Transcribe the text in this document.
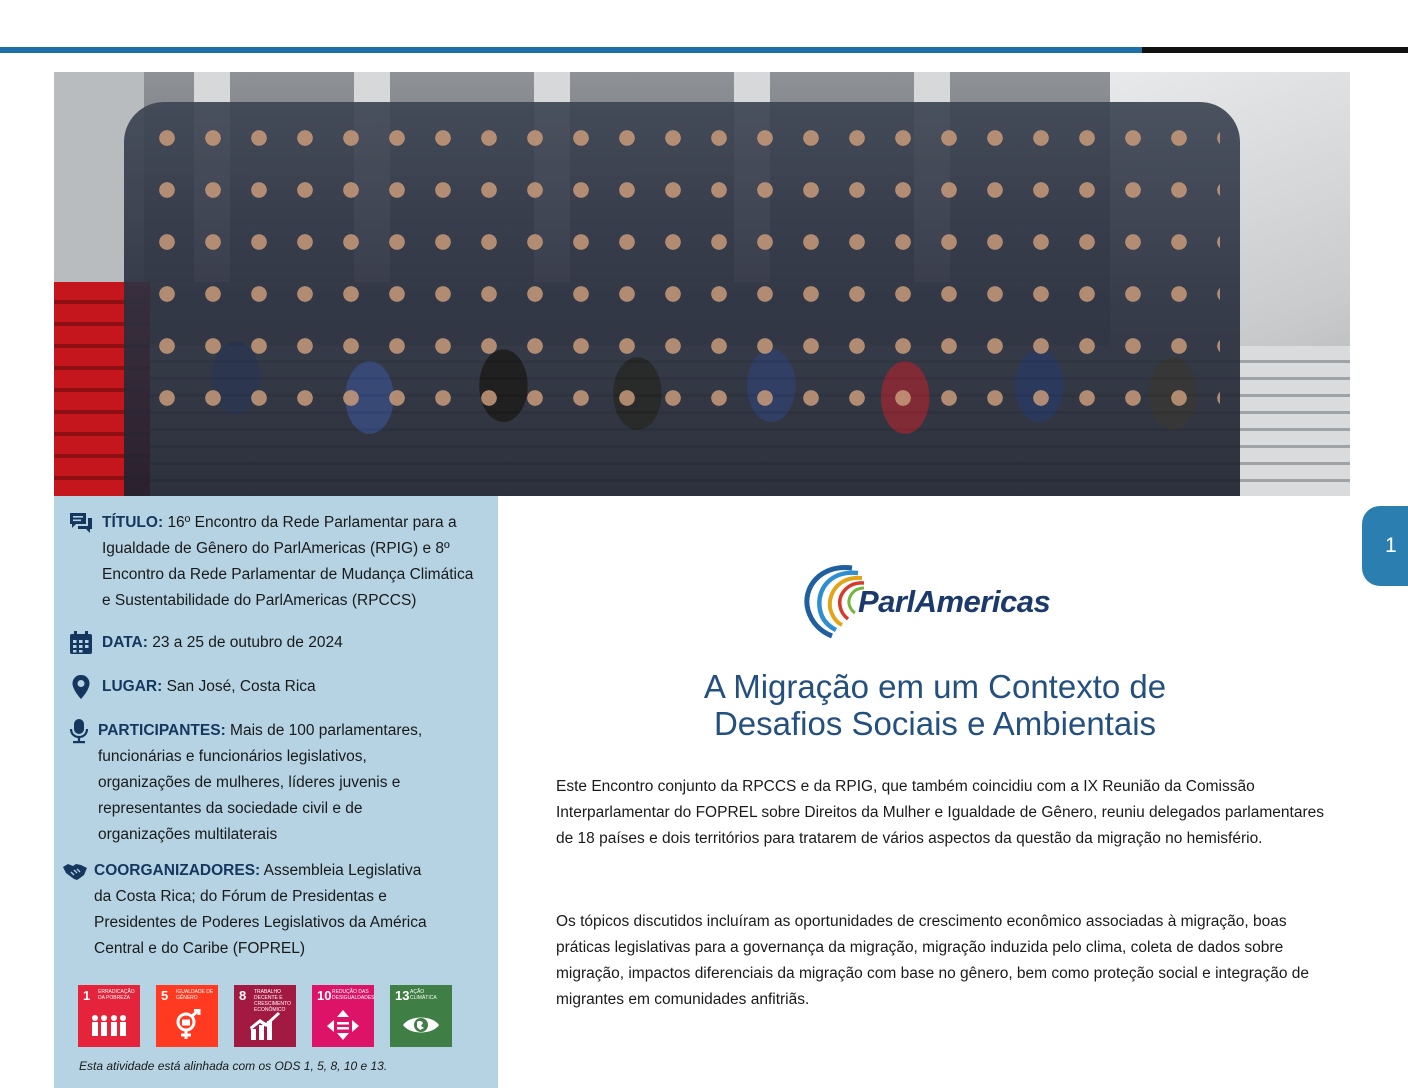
TÍTULO: 16º Encontro da Rede Parlamentar para a
Igualdade de Gênero do ParlAmericas (RPIG) e 8º
Encontro da Rede Parlamentar de Mudança Climática
e Sustentabilidade do ParlAmericas (RPCCS)
DATA: 23 a 25 de outubro de 2024
LUGAR: San José, Costa Rica
PARTICIPANTES: Mais de 100 parlamentares,
funcionárias e funcionários legislativos,
organizações de mulheres, líderes juvenis e
representantes da sociedade civil e de
organizações multilaterais
COORGANIZADORES: Assembleia Legislativa
da Costa Rica; do Fórum de Presidentas e
Presidentes de Poderes Legislativos da América
Central e do Caribe (FOPREL)
1 ERRADICAÇÃO DA POBREZA	5 IGUALDADE DE GÊNERO	8 TRABALHO DECENTE E CRESCIMENTO ECONÔMICO
10 REDUÇÃO DAS DESIGUALDADES 13 AÇÃO CLIMÁTICA
Esta atividade está alinhada com os ODS 1, 5, 8, 10 e 13.
1
ParlAmericas
A Migração em um Contexto de
Desafios Sociais e Ambientais

Este Encontro conjunto da RPCCS e da RPIG, que também coincidiu com a IX Reunião da Comissão Interparlamentar do FOPREL sobre Direitos da Mulher e Igualdade de Gênero, reuniu delegados parlamentares de 18 países e dois territórios para tratarem de vários aspectos da questão da migração no hemisfério.

Os tópicos discutidos incluíram as oportunidades de crescimento econômico associadas à migração, boas práticas legislativas para a governança da migração, migração induzida pelo clima, coleta de dados sobre migração, impactos diferenciais da migração com base no gênero, bem como proteção social e integração de migrantes em comunidades anfitriãs.
